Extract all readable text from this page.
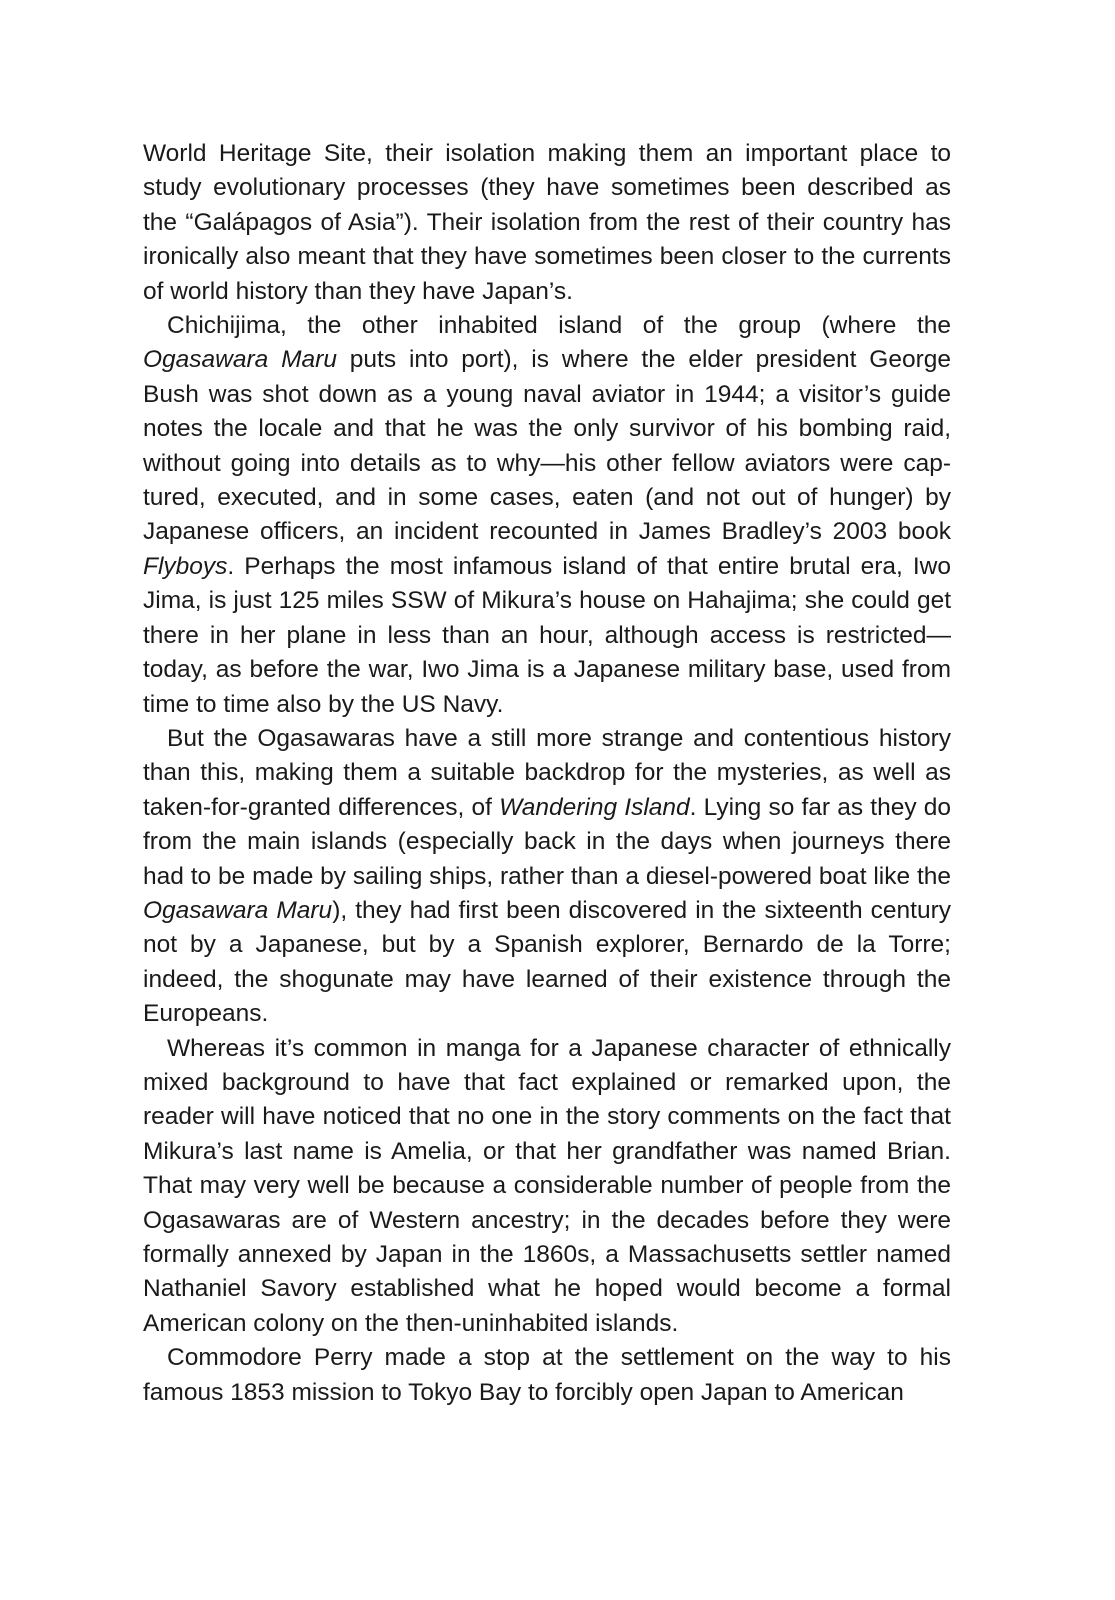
World Heritage Site, their isolation making them an important place to study evolutionary processes (they have sometimes been described as the “Galápagos of Asia”). Their isolation from the rest of their country has ironically also meant that they have sometimes been closer to the currents of world history than they have Japan’s.

Chichijima, the other inhabited island of the group (where the Ogasawara Maru puts into port), is where the elder president George Bush was shot down as a young naval aviator in 1944; a visitor’s guide notes the locale and that he was the only survivor of his bombing raid, without going into details as to why—his other fellow aviators were captured, executed, and in some cases, eaten (and not out of hunger) by Japanese officers, an incident recounted in James Bradley’s 2003 book Flyboys. Perhaps the most infamous island of that entire brutal era, Iwo Jima, is just 125 miles SSW of Mikura’s house on Hahajima; she could get there in her plane in less than an hour, although access is restricted—today, as before the war, Iwo Jima is a Japanese military base, used from time to time also by the US Navy.

But the Ogasawaras have a still more strange and contentious history than this, making them a suitable backdrop for the mysteries, as well as taken-for-granted differences, of Wandering Island. Lying so far as they do from the main islands (especially back in the days when journeys there had to be made by sailing ships, rather than a diesel-powered boat like the Ogasawara Maru), they had first been discovered in the sixteenth century not by a Japanese, but by a Spanish explorer, Bernardo de la Torre; indeed, the shogunate may have learned of their existence through the Europeans.

Whereas it’s common in manga for a Japanese character of ethnically mixed background to have that fact explained or remarked upon, the reader will have noticed that no one in the story comments on the fact that Mikura’s last name is Amelia, or that her grandfather was named Brian. That may very well be because a considerable number of people from the Ogasawaras are of Western ancestry; in the decades before they were formally annexed by Japan in the 1860s, a Massachusetts settler named Nathaniel Savory established what he hoped would become a formal American colony on the then-uninhabited islands.

Commodore Perry made a stop at the settlement on the way to his famous 1853 mission to Tokyo Bay to forcibly open Japan to American
